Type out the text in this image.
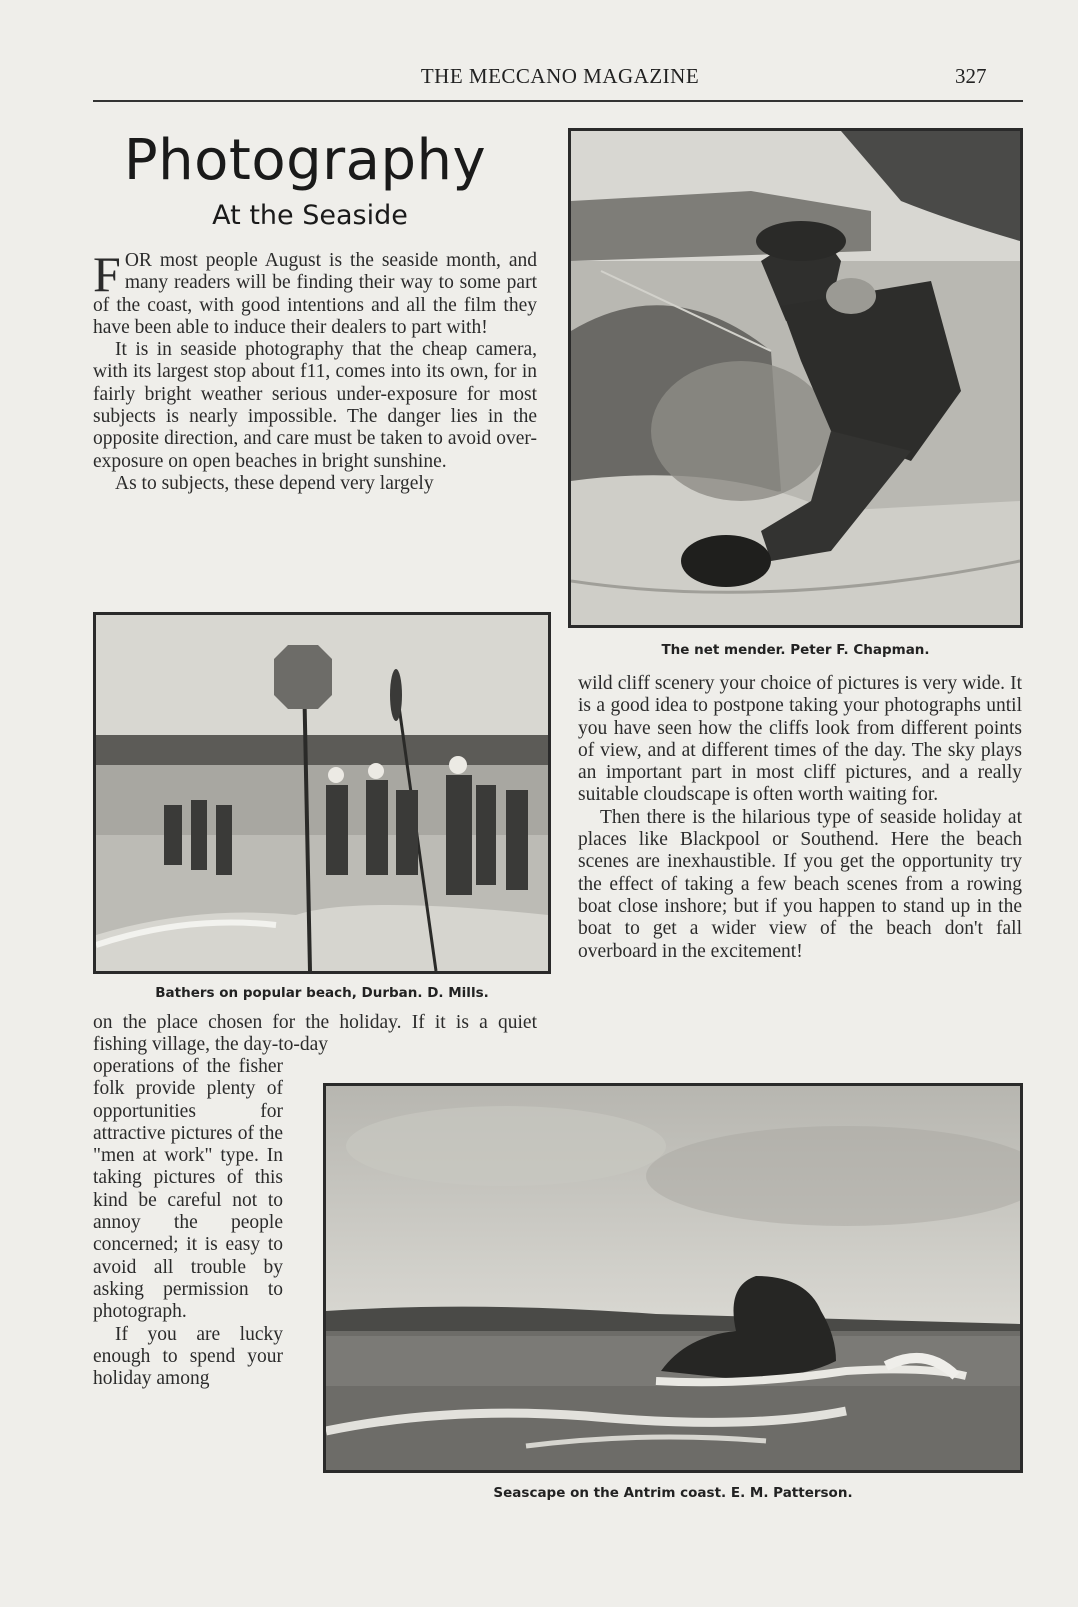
THE MECCANO MAGAZINE	327
Photography
At the Seaside

FOR most people August is the seaside month, and many readers will be finding their way to some part of the coast, with good intentions and all the film they have been able to induce their dealers to part with!

It is in seaside photography that the cheap camera, with its largest stop about f11, comes into its own, for in fairly bright weather serious under-exposure for most subjects is nearly impossible. The danger lies in the opposite direction, and care must be taken to avoid over-exposure on open beaches in bright sunshine.

As to subjects, these depend very largely

The net mender. Peter F. Chapman.
Bathers on popular beach, Durban. D. Mills.

on the place chosen for the holiday. If it is a quiet fishing village, the day-to-day

operations of the fisher folk provide plenty of opportunities for attractive pictures of the "men at work" type. In taking pictures of this kind be careful not to annoy the people concerned; it is easy to avoid all trouble by asking permission to photograph.

If you are lucky enough to spend your holiday among

wild cliff scenery your choice of pictures is very wide. It is a good idea to postpone taking your photographs until you have seen how the cliffs look from different points of view, and at different times of the day. The sky plays an important part in most cliff pictures, and a really suitable cloudscape is often worth waiting for.

Then there is the hilarious type of seaside holiday at places like Blackpool or Southend. Here the beach scenes are inexhaustible. If you get the opportunity try the effect of taking a few beach scenes from a rowing boat close inshore; but if you happen to stand up in the boat to get a wider view of the beach don't fall overboard in the excitement!

Seascape on the Antrim coast. E. M. Patterson.
